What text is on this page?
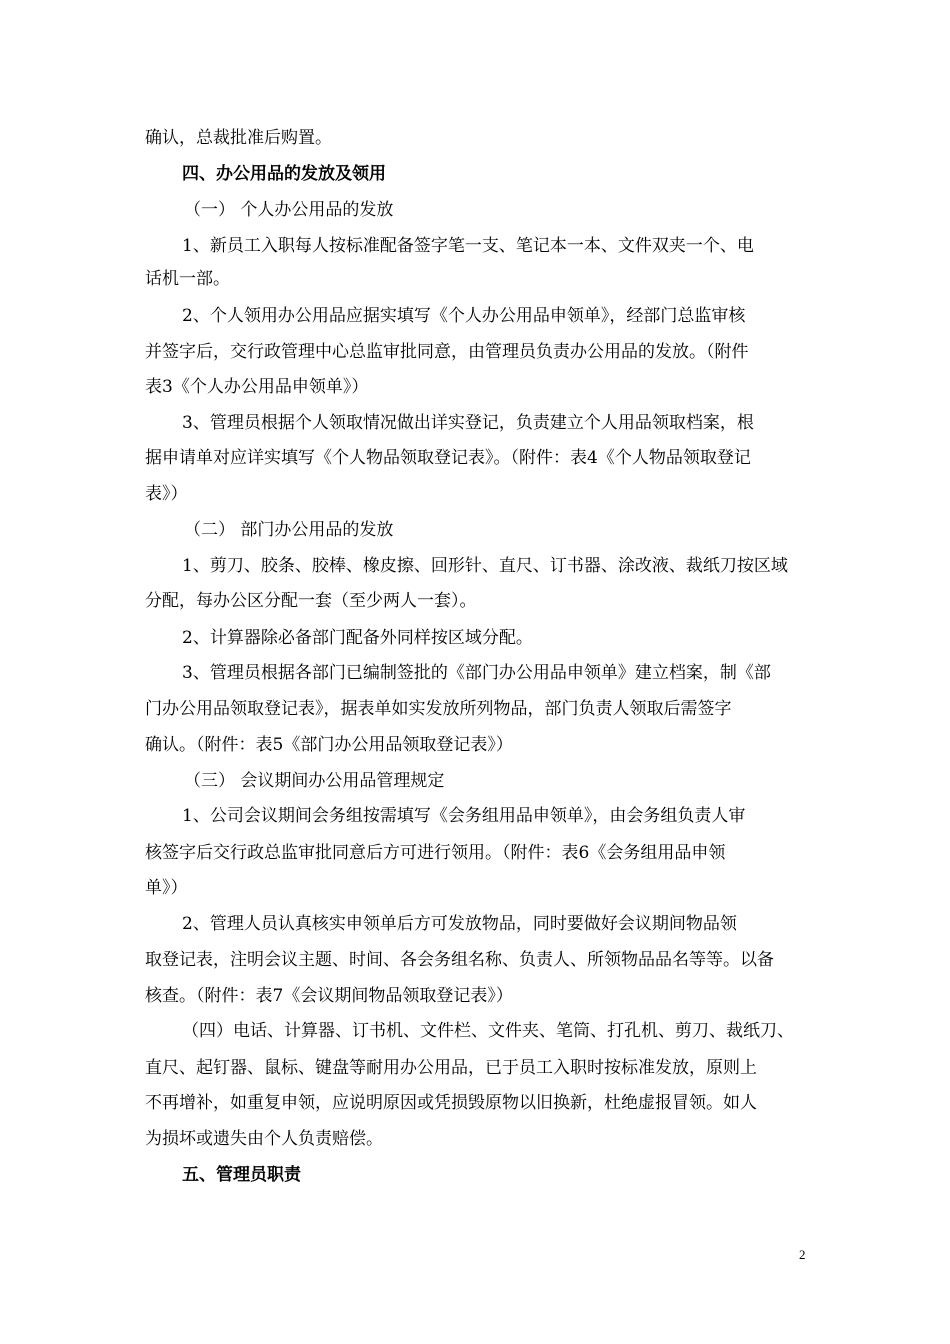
确认，总裁批准后购置。
四、办公用品的发放及领用
（一） 个人办公用品的发放
1、新员工入职每人按标准配备签字笔一支、笔记本一本、文件双夹一个、电
话机一部。
2、个人领用办公用品应据实填写《个人办公用品申领单》，经部门总监审核
并签字后，交行政管理中心总监审批同意，由管理员负责办公用品的发放。（附件
表3《个人办公用品申领单》）
3、管理员根据个人领取情况做出详实登记，负责建立个人用品领取档案，根
据申请单对应详实填写《个人物品领取登记表》。（附件：表4《个人物品领取登记
表》）
（二） 部门办公用品的发放
1、剪刀、胶条、胶棒、橡皮擦、回形针、直尺、订书器、涂改液、裁纸刀按区域
分配，每办公区分配一套（至少两人一套）。
2、计算器除必备部门配备外同样按区域分配。
3、管理员根据各部门已编制签批的《部门办公用品申领单》建立档案，制《部
门办公用品领取登记表》，据表单如实发放所列物品，部门负责人领取后需签字
确认。（附件：表5《部门办公用品领取登记表》）
（三） 会议期间办公用品管理规定
1、公司会议期间会务组按需填写《会务组用品申领单》，由会务组负责人审
核签字后交行政总监审批同意后方可进行领用。（附件：表6《会务组用品申领
单》）
2、管理人员认真核实申领单后方可发放物品，同时要做好会议期间物品领
取登记表，注明会议主题、时间、各会务组名称、负责人、所领物品品名等等。以备
核查。（附件：表7《会议期间物品领取登记表》）
（四）电话、计算器、订书机、文件栏、文件夹、笔筒、打孔机、剪刀、裁纸刀、
直尺、起钉器、鼠标、键盘等耐用办公用品，已于员工入职时按标准发放，原则上
不再增补，如重复申领，应说明原因或凭损毁原物以旧换新，杜绝虚报冒领。如人
为损坏或遗失由个人负责赔偿。
五、管理员职责
2
